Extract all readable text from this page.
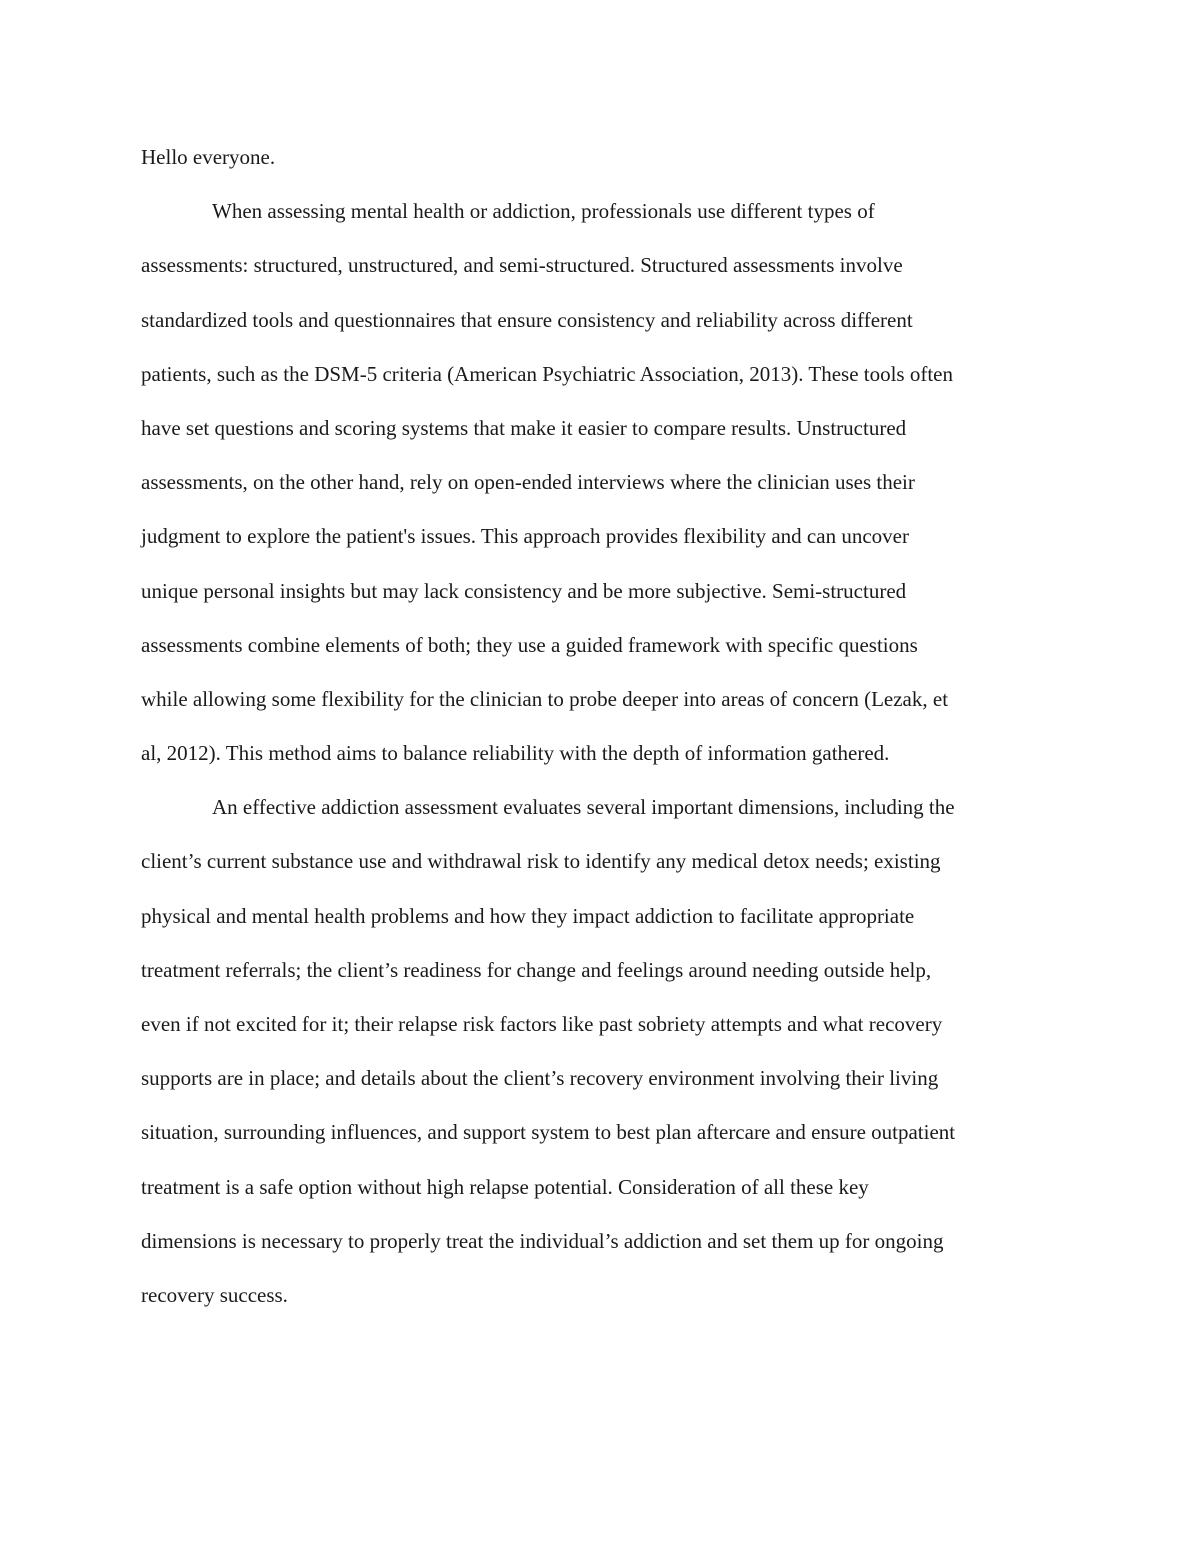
Hello everyone.

When assessing mental health or addiction, professionals use different types of
assessments: structured, unstructured, and semi-structured. Structured assessments involve
standardized tools and questionnaires that ensure consistency and reliability across different
patients, such as the DSM-5 criteria (American Psychiatric Association, 2013). These tools often
have set questions and scoring systems that make it easier to compare results. Unstructured
assessments, on the other hand, rely on open-ended interviews where the clinician uses their
judgment to explore the patient's issues. This approach provides flexibility and can uncover
unique personal insights but may lack consistency and be more subjective. Semi-structured
assessments combine elements of both; they use a guided framework with specific questions
while allowing some flexibility for the clinician to probe deeper into areas of concern (Lezak, et
al, 2012). This method aims to balance reliability with the depth of information gathered.

An effective addiction assessment evaluates several important dimensions, including the
client’s current substance use and withdrawal risk to identify any medical detox needs; existing
physical and mental health problems and how they impact addiction to facilitate appropriate
treatment referrals; the client’s readiness for change and feelings around needing outside help,
even if not excited for it; their relapse risk factors like past sobriety attempts and what recovery
supports are in place; and details about the client’s recovery environment involving their living
situation, surrounding influences, and support system to best plan aftercare and ensure outpatient
treatment is a safe option without high relapse potential. Consideration of all these key
dimensions is necessary to properly treat the individual’s addiction and set them up for ongoing
recovery success.
